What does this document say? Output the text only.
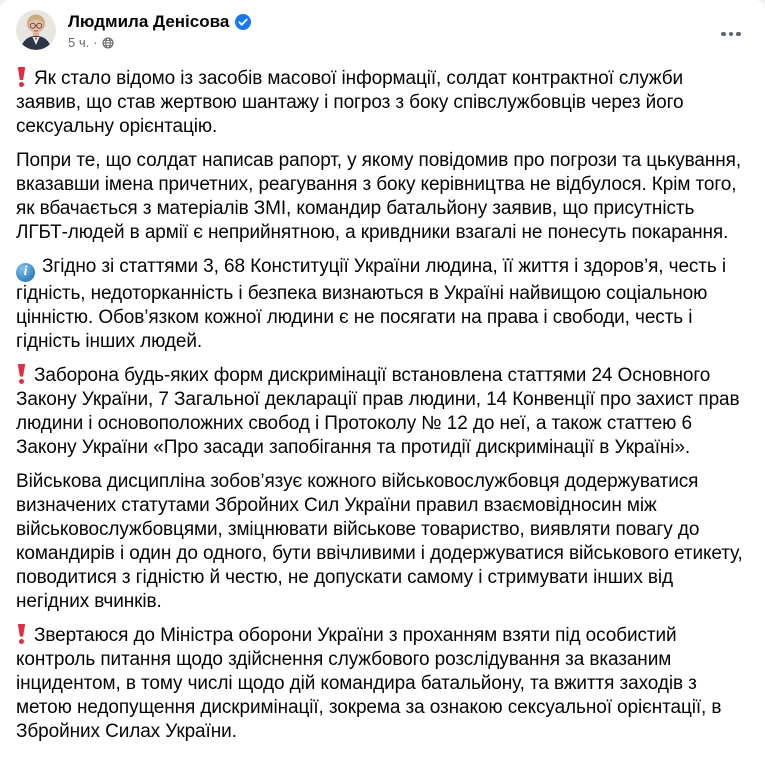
Людмила Денісова
5 ч. ·

Як стало відомо із засобів масової інформації, солдат контрактної служби заявив, що став жертвою шантажу і погроз з боку співслужбовців через його сексуальну орієнтацію.

Попри те, що солдат написав рапорт, у якому повідомив про погрози та цькування, вказавши імена причетних, реагування з боку керівництва не відбулося. Крім того, як вбачається з матеріалів ЗМІ, командир батальйону заявив, що присутність ЛГБТ-людей в армії є неприйнятною, а кривдники взагалі не понесуть покарання.

i Згідно зі статтями 3, 68 Конституції України людина, її життя і здоров’я, честь і гідність, недоторканність і безпека визнаються в Україні найвищою соціальною цінністю. Обов’язком кожної людини є не посягати на права і свободи, честь і гідність інших людей.

Заборона будь-яких форм дискримінації встановлена статтями 24 Основного Закону України, 7 Загальної декларації прав людини, 14 Конвенції про захист прав людини і основоположних свобод і Протоколу № 12 до неї, а також статтею 6 Закону України «Про засади запобігання та протидії дискримінації в Україні».

Військова дисципліна зобов’язує кожного військовослужбовця додержуватися визначених статутами Збройних Сил України правил взаємовідносин між військовослужбовцями, зміцнювати військове товариство, виявляти повагу до командирів і один до одного, бути ввічливими і додержуватися військового етикету, поводитися з гідністю й честю, не допускати самому і стримувати інших від негідних вчинків.

Звертаюся до Міністра оборони України з проханням взяти під особистий контроль питання щодо здійснення службового розслідування за вказаним інцидентом, в тому числі щодо дій командира батальйону, та вжиття заходів з метою недопущення дискримінації, зокрема за ознакою сексуальної орієнтації, в Збройних Силах України.
